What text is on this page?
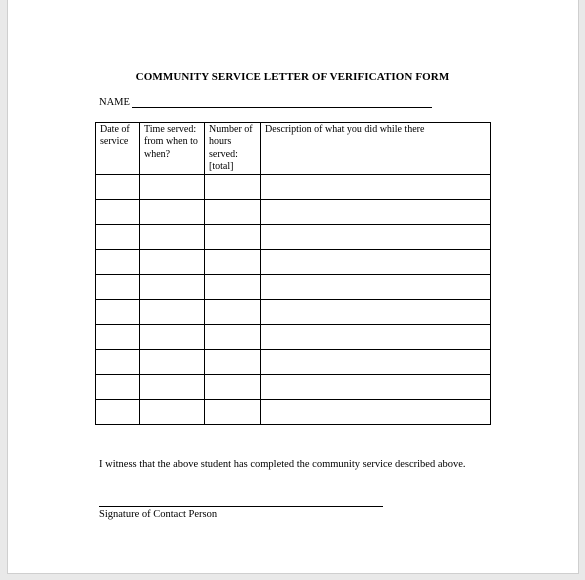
COMMUNITY SERVICE LETTER OF VERIFICATION FORM
NAME
Date of service	Time served: from when to when?	Number of hours served: [total]	Description of what you did while there

I witness that the above student has completed the community service described above.
Signature of Contact Person
